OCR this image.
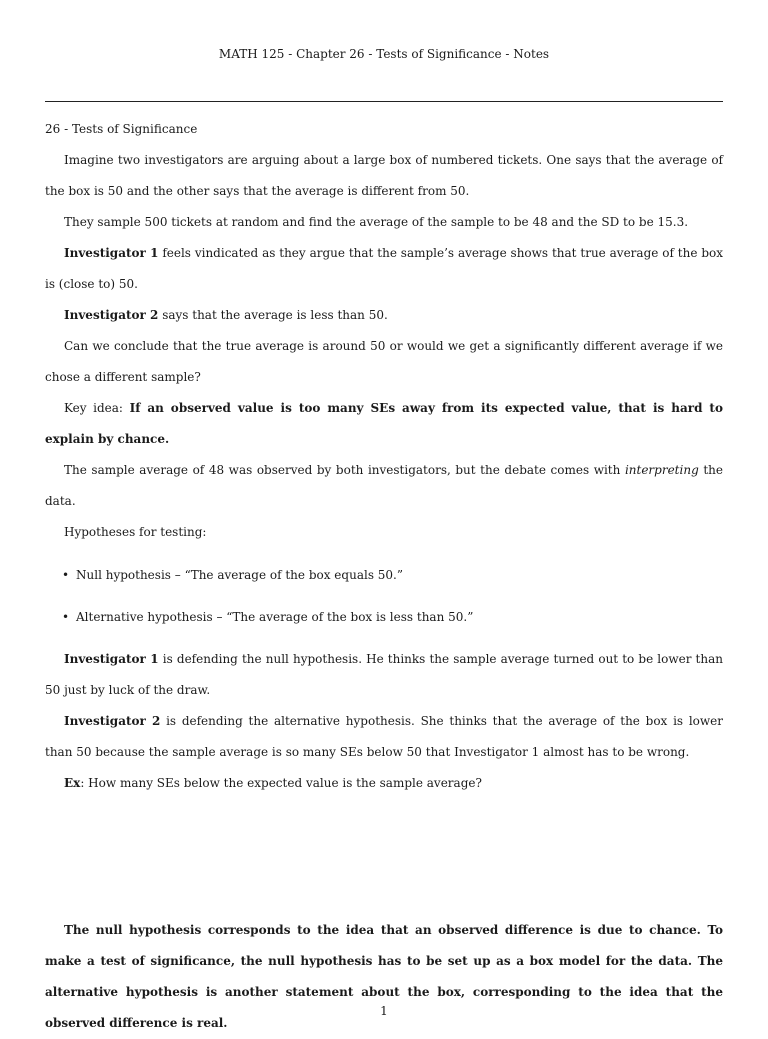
MATH 125 - Chapter 26 - Tests of Significance - Notes

26 - Tests of Significance

Imagine two investigators are arguing about a large box of numbered tickets. One says that the average of the box is 50 and the other says that the average is different from 50.

They sample 500 tickets at random and find the average of the sample to be 48 and the SD to be 15.3.

Investigator 1 feels vindicated as they argue that the sample’s average shows that true average of the box is (close to) 50.

Investigator 2 says that the average is less than 50.

Can we conclude that the true average is around 50 or would we get a significantly different average if we chose a different sample?

Key idea: If an observed value is too many SEs away from its expected value, that is hard to explain by chance.

The sample average of 48 was observed by both investigators, but the debate comes with interpreting the data.

Hypotheses for testing:

• Null hypothesis – “The average of the box equals 50.”
• Alternative hypothesis – “The average of the box is less than 50.”

Investigator 1 is defending the null hypothesis. He thinks the sample average turned out to be lower than 50 just by luck of the draw.

Investigator 2 is defending the alternative hypothesis. She thinks that the average of the box is lower than 50 because the sample average is so many SEs below 50 that Investigator 1 almost has to be wrong.

Ex: How many SEs below the expected value is the sample average?

The null hypothesis corresponds to the idea that an observed difference is due to chance. To make a test of significance, the null hypothesis has to be set up as a box model for the data. The alternative hypothesis is another statement about the box, corresponding to the idea that the observed difference is real.

1
